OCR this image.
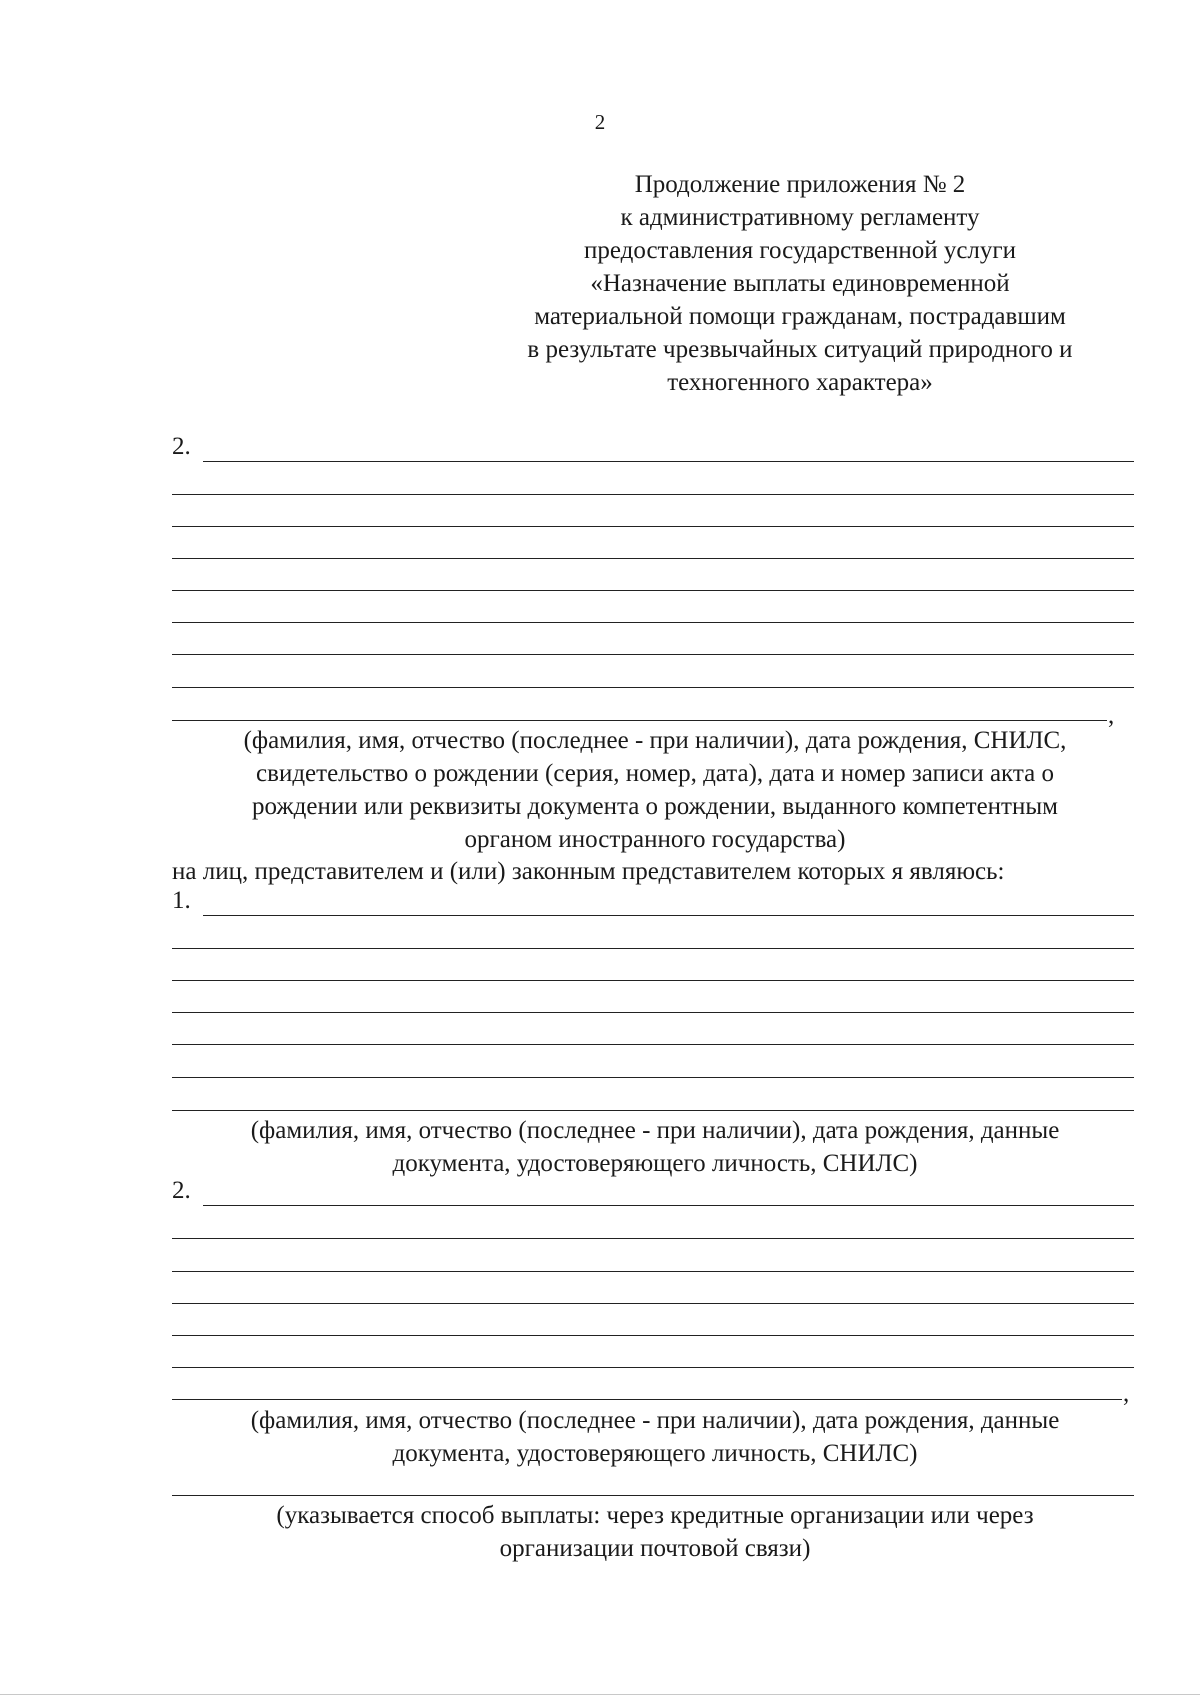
2
Продолжение приложения № 2
к административному регламенту
предоставления государственной услуги
«Назначение выплаты единовременной
материальной помощи гражданам, пострадавшим
в результате чрезвычайных ситуаций природного и
техногенного характера»
2.
,
(фамилия, имя, отчество (последнее - при наличии), дата рождения, СНИЛС,
свидетельство о рождении (серия, номер, дата), дата и номер записи акта о
рождении или реквизиты документа о рождении, выданного компетентным
органом иностранного государства)
на лиц, представителем и (или) законным представителем которых я являюсь:
1.
(фамилия, имя, отчество (последнее - при наличии), дата рождения, данные
документа, удостоверяющего личность, СНИЛС)
2.
,
(фамилия, имя, отчество (последнее - при наличии), дата рождения, данные
документа, удостоверяющего личность, СНИЛС)
(указывается способ выплаты: через кредитные организации или через
организации почтовой связи)
